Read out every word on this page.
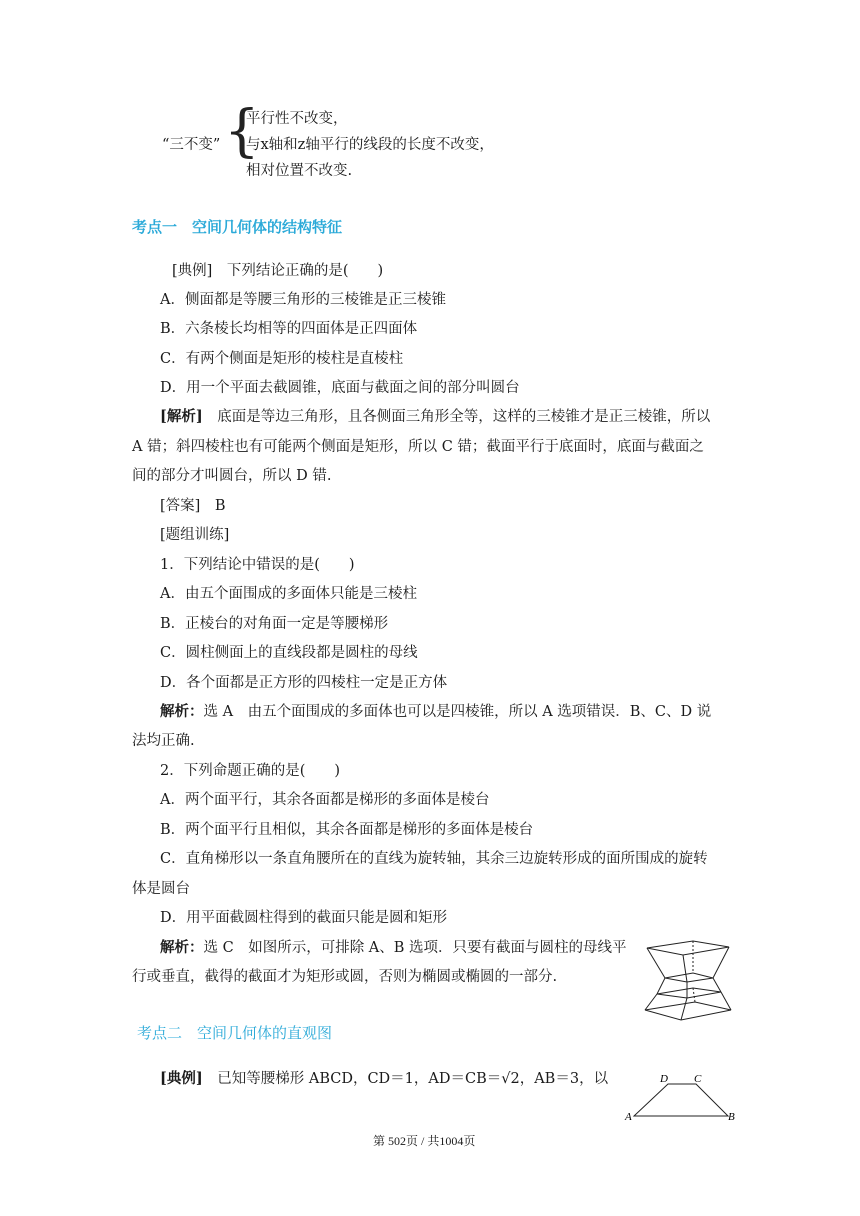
“三不变” {
平行性不改变，
与x轴和z轴平行的线段的长度不改变，
相对位置不改变.
考点一　空间几何体的结构特征
[典例]　下列结论正确的是(　　)
A．侧面都是等腰三角形的三棱锥是正三棱锥
B．六条棱长均相等的四面体是正四面体
C．有两个侧面是矩形的棱柱是直棱柱
D．用一个平面去截圆锥，底面与截面之间的部分叫圆台
[解析]　底面是等边三角形，且各侧面三角形全等，这样的三棱锥才是正三棱锥，所以
A 错；斜四棱柱也有可能两个侧面是矩形，所以 C 错；截面平行于底面时，底面与截面之
间的部分才叫圆台，所以 D 错.
[答案]　B
[题组训练]
1．下列结论中错误的是(　　)
A．由五个面围成的多面体只能是三棱柱
B．正棱台的对角面一定是等腰梯形
C．圆柱侧面上的直线段都是圆柱的母线
D．各个面都是正方形的四棱柱一定是正方体
解析：选 A　由五个面围成的多面体也可以是四棱锥，所以 A 选项错误．B、C、D 说
法均正确.
2．下列命题正确的是(　　)
A．两个面平行，其余各面都是梯形的多面体是棱台
B．两个面平行且相似，其余各面都是梯形的多面体是棱台
C．直角梯形以一条直角腰所在的直线为旋转轴，其余三边旋转形成的面所围成的旋转
体是圆台
D．用平面截圆柱得到的截面只能是圆和矩形
解析：选 C　如图所示，可排除 A、B 选项．只要有截面与圆柱的母线平
行或垂直，截得的截面才为矩形或圆，否则为椭圆或椭圆的一部分.
考点二　空间几何体的直观图
[典例]　已知等腰梯形 ABCD，CD＝1，AD＝CB＝√2，AB＝3，以	D C
A	B
第 502页 / 共1004页
